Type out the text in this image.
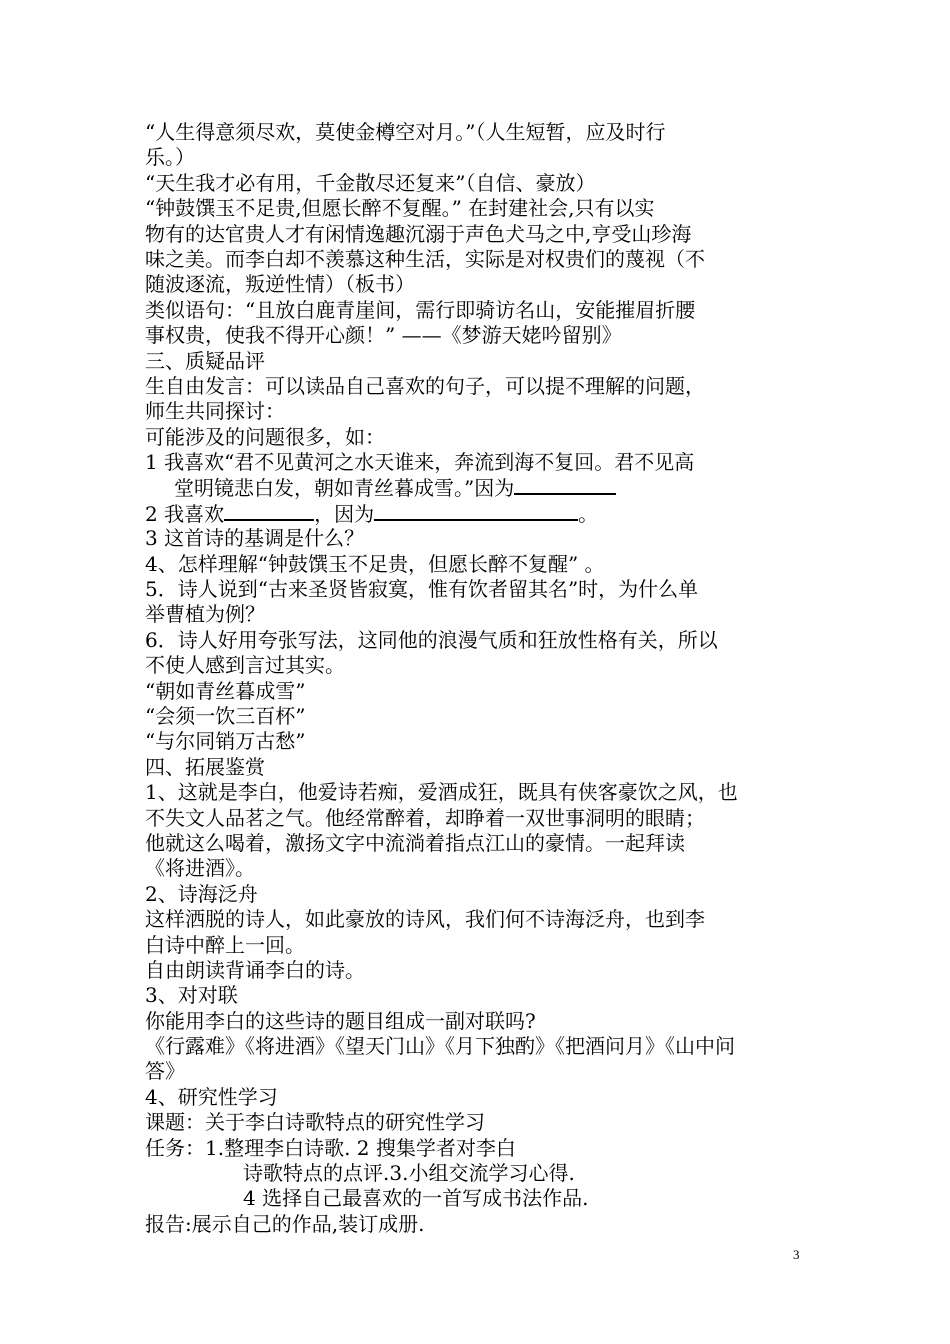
“人生得意须尽欢，莫使金樽空对月。”（人生短暂，应及时行
乐。）
“天生我才必有用，千金散尽还复来”（自信、豪放）
“钟鼓馔玉不足贵,但愿长醉不复醒。” 在封建社会,只有以实
物有的达官贵人才有闲情逸趣沉溺于声色犬马之中,亨受山珍海
味之美。而李白却不羡慕这种生活，实际是对权贵们的蔑视（不
随波逐流，叛逆性情）（板书）
类似语句：“且放白鹿青崖间，需行即骑访名山，安能摧眉折腰
事权贵，使我不得开心颜！” ——《梦游天姥吟留别》
三、质疑品评
生自由发言：可以读品自己喜欢的句子，可以提不理解的问题，
师生共同探讨：
可能涉及的问题很多，如：
1 我喜欢“君不见黄河之水天谁来，奔流到海不复回。君不见高
堂明镜悲白发，朝如青丝暮成雪。”因为
2 我喜欢	，因为	。
3 这首诗的基调是什么？
4、怎样理解“钟鼓馔玉不足贵，但愿长醉不复醒” 。
5．诗人说到“古来圣贤皆寂寞，惟有饮者留其名”时，为什么单
举曹植为例？
6．诗人好用夸张写法，这同他的浪漫气质和狂放性格有关，所以
不使人感到言过其实。
“朝如青丝暮成雪”
“会须一饮三百杯”
“与尔同销万古愁”
四、拓展鉴赏
1、这就是李白，他爱诗若痴，爱酒成狂，既具有侠客豪饮之风，也
不失文人品茗之气。他经常醉着，却睁着一双世事洞明的眼睛；
他就这么喝着，激扬文字中流淌着指点江山的豪情。一起拜读
《将进酒》。
2、诗海泛舟
这样洒脱的诗人，如此豪放的诗风，我们何不诗海泛舟，也到李
白诗中醉上一回。
自由朗读背诵李白的诗。
3、对对联
你能用李白的这些诗的题目组成一副对联吗?
《行露难》《将进酒》《望天门山》《月下独酌》《把酒问月》《山中问
答》
4、研究性学习
课题：关于李白诗歌特点的研究性学习
任务：1.整理李白诗歌. 2 搜集学者对李白
诗歌特点的点评.3.小组交流学习心得.
4 选择自己最喜欢的一首写成书法作品.
报告:展示自己的作品,装订成册.
3
